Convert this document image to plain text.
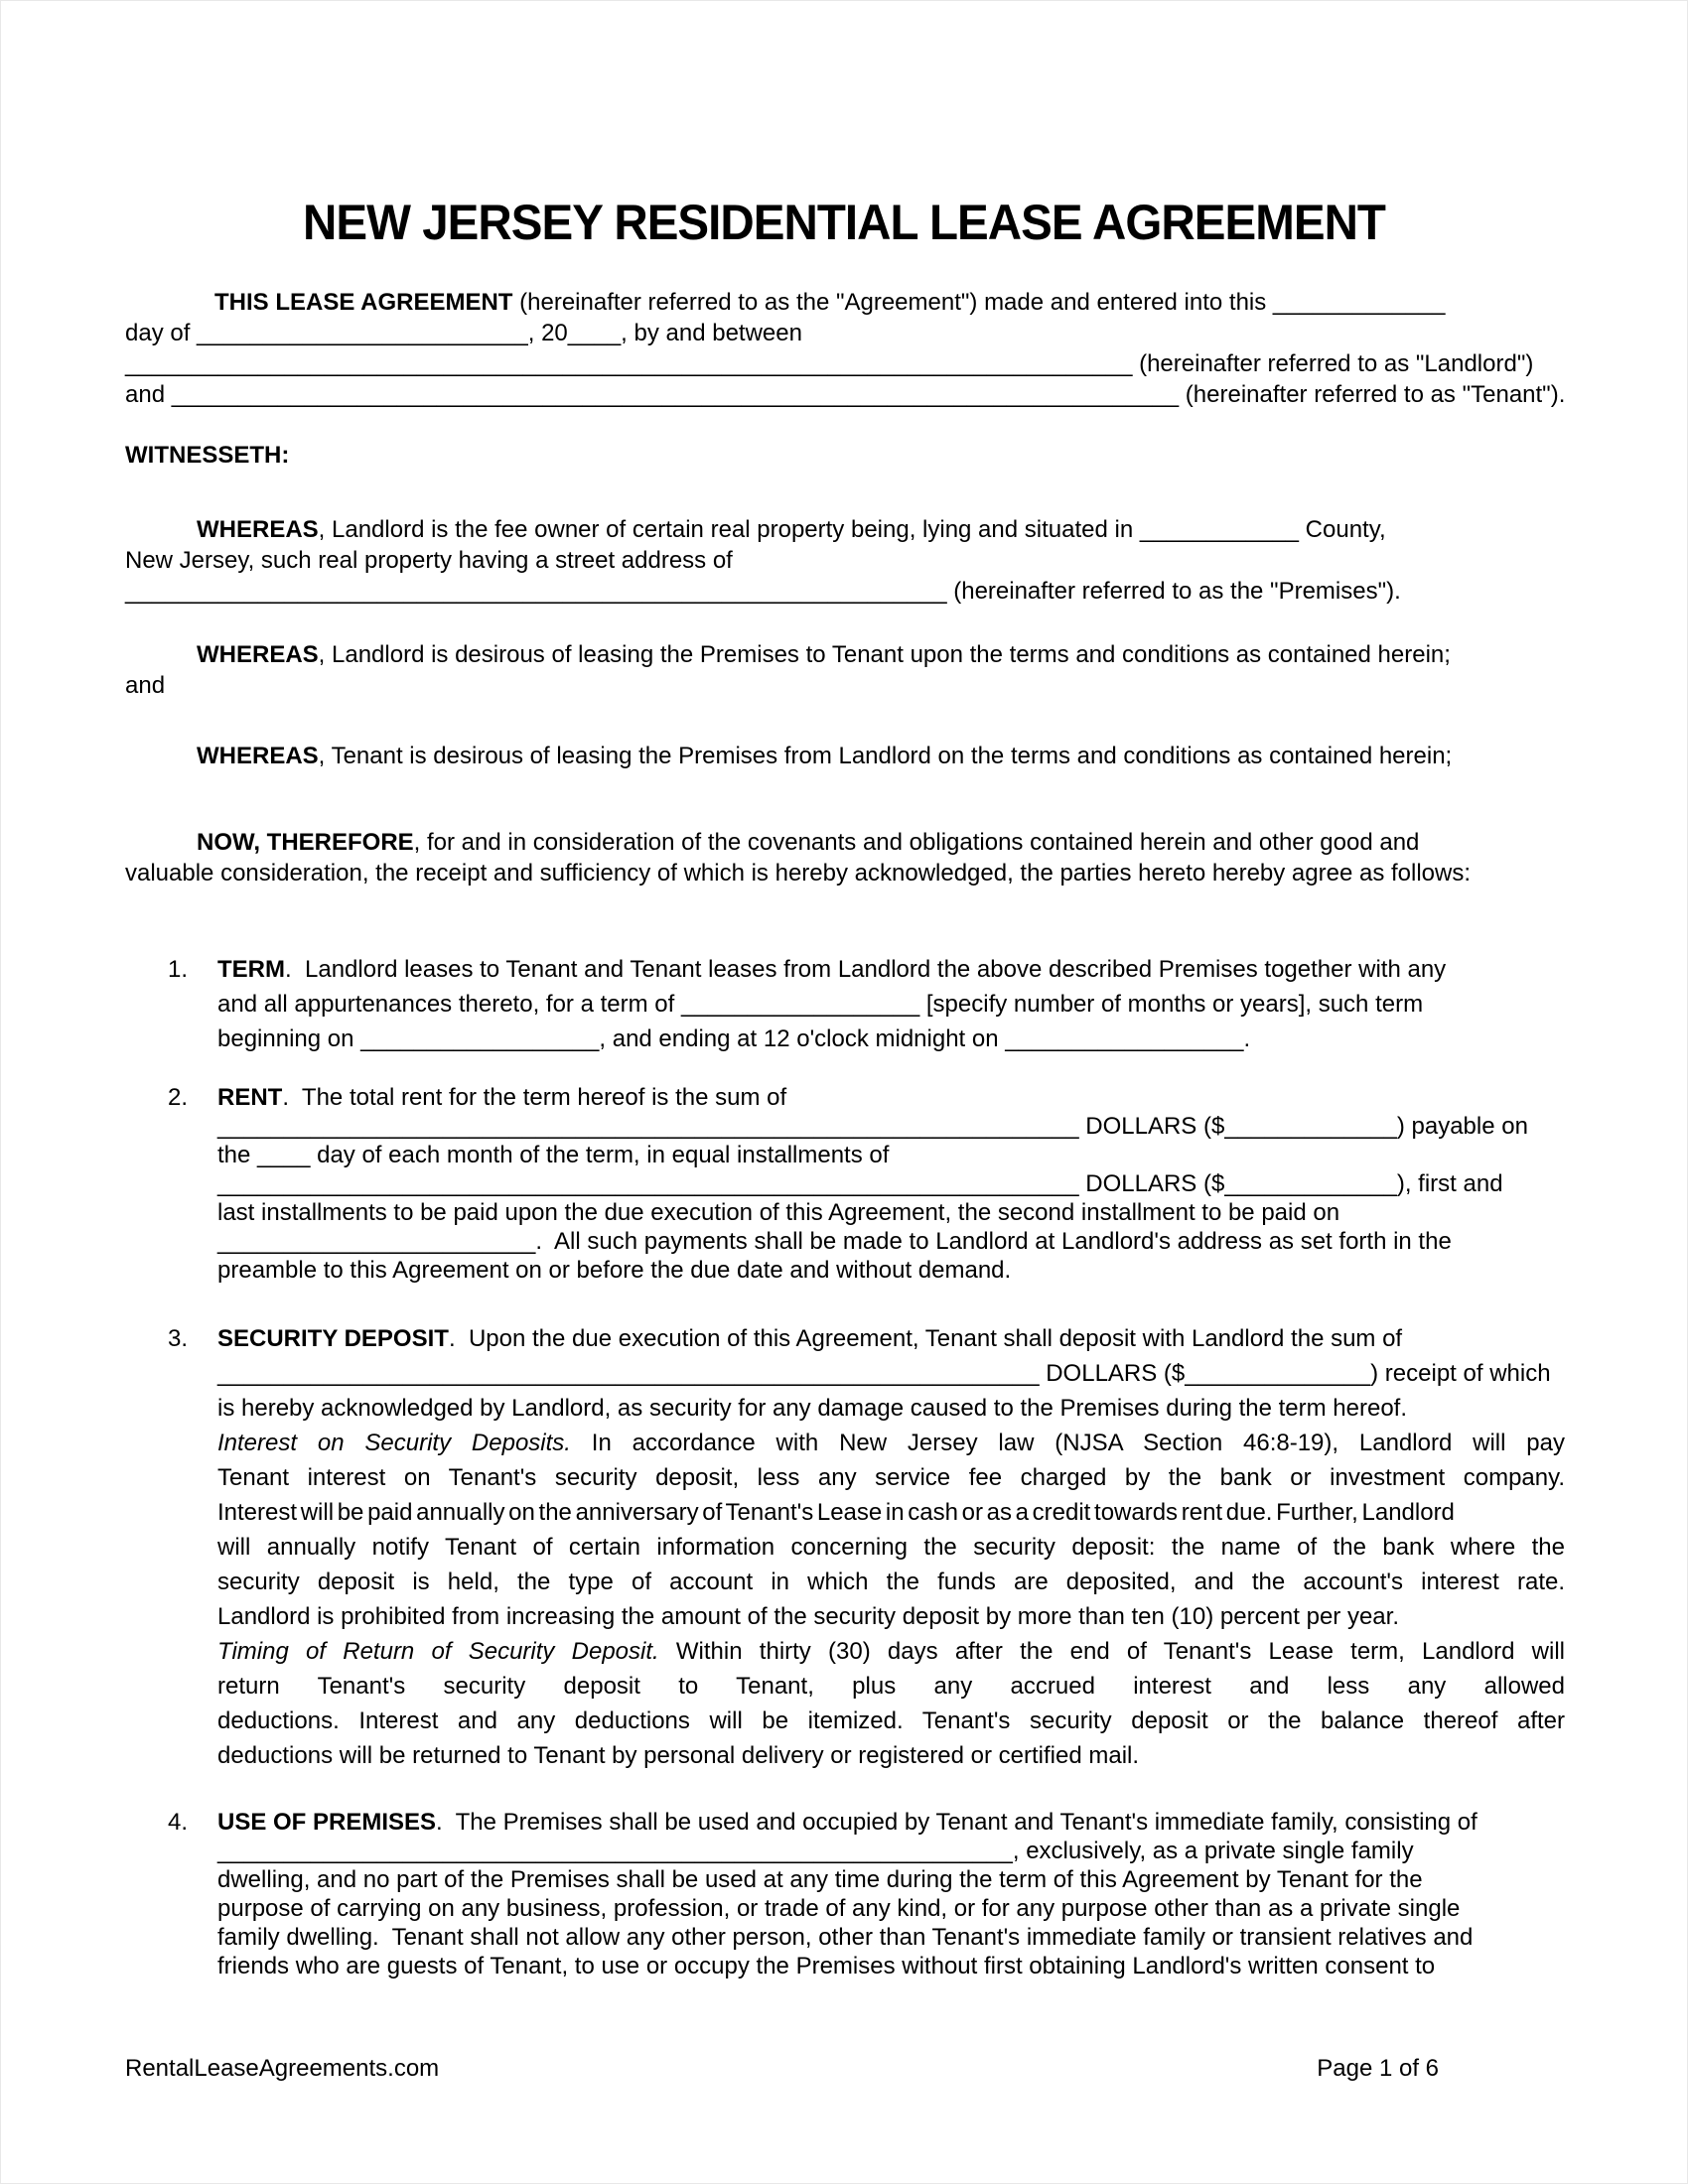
NEW JERSEY RESIDENTIAL LEASE AGREEMENT
THIS LEASE AGREEMENT (hereinafter referred to as the "Agreement") made and entered into this _____________
day of _________________________, 20____, by and between
____________________________________________________________________________ (hereinafter referred to as "Landlord")
and ____________________________________________________________________________ (hereinafter referred to as "Tenant").
WITNESSETH:
WHEREAS, Landlord is the fee owner of certain real property being, lying and situated in ____________ County,
New Jersey, such real property having a street address of
______________________________________________________________ (hereinafter referred to as the "Premises").
WHEREAS, Landlord is desirous of leasing the Premises to Tenant upon the terms and conditions as contained herein;
and
WHEREAS, Tenant is desirous of leasing the Premises from Landlord on the terms and conditions as contained herein;
NOW, THEREFORE, for and in consideration of the covenants and obligations contained herein and other good and
valuable consideration, the receipt and sufficiency of which is hereby acknowledged, the parties hereto hereby agree as follows:
1.	TERM.  Landlord leases to Tenant and Tenant leases from Landlord the above described Premises together with any
and all appurtenances thereto, for a term of __________________ [specify number of months or years], such term
beginning on __________________, and ending at 12 o'clock midnight on __________________.
2.	RENT.  The total rent for the term hereof is the sum of
_________________________________________________________________ DOLLARS ($_____________) payable on
the ____ day of each month of the term, in equal installments of
_________________________________________________________________ DOLLARS ($_____________), first and
last installments to be paid upon the due execution of this Agreement, the second installment to be paid on
________________________.  All such payments shall be made to Landlord at Landlord's address as set forth in the
preamble to this Agreement on or before the due date and without demand.
3.	SECURITY DEPOSIT.  Upon the due execution of this Agreement, Tenant shall deposit with Landlord the sum of
______________________________________________________________ DOLLARS ($______________) receipt of which
is hereby acknowledged by Landlord, as security for any damage caused to the Premises during the term hereof.
Interest on Security Deposits. In accordance with New Jersey law (NJSA Section 46:8-19), Landlord will pay
Tenant interest on Tenant's security deposit, less any service fee charged by the bank or investment company.
Interest will be paid annually on the anniversary of Tenant's Lease in cash or as a credit towards rent due. Further, Landlord
will annually notify Tenant of certain information concerning the security deposit: the name of the bank where the
security deposit is held, the type of account in which the funds are deposited, and the account's interest rate.
Landlord is prohibited from increasing the amount of the security deposit by more than ten (10) percent per year.
Timing of Return of Security Deposit. Within thirty (30) days after the end of Tenant's Lease term, Landlord will
return Tenant's security deposit to Tenant, plus any accrued interest and less any allowed
deductions. Interest and any deductions will be itemized. Tenant's security deposit or the balance thereof after
deductions will be returned to Tenant by personal delivery or registered or certified mail.
4.	USE OF PREMISES.  The Premises shall be used and occupied by Tenant and Tenant's immediate family, consisting of
____________________________________________________________, exclusively, as a private single family
dwelling, and no part of the Premises shall be used at any time during the term of this Agreement by Tenant for the
purpose of carrying on any business, profession, or trade of any kind, or for any purpose other than as a private single
family dwelling.  Tenant shall not allow any other person, other than Tenant's immediate family or transient relatives and
friends who are guests of Tenant, to use or occupy the Premises without first obtaining Landlord's written consent to
RentalLeaseAgreements.com	Page 1 of 6
